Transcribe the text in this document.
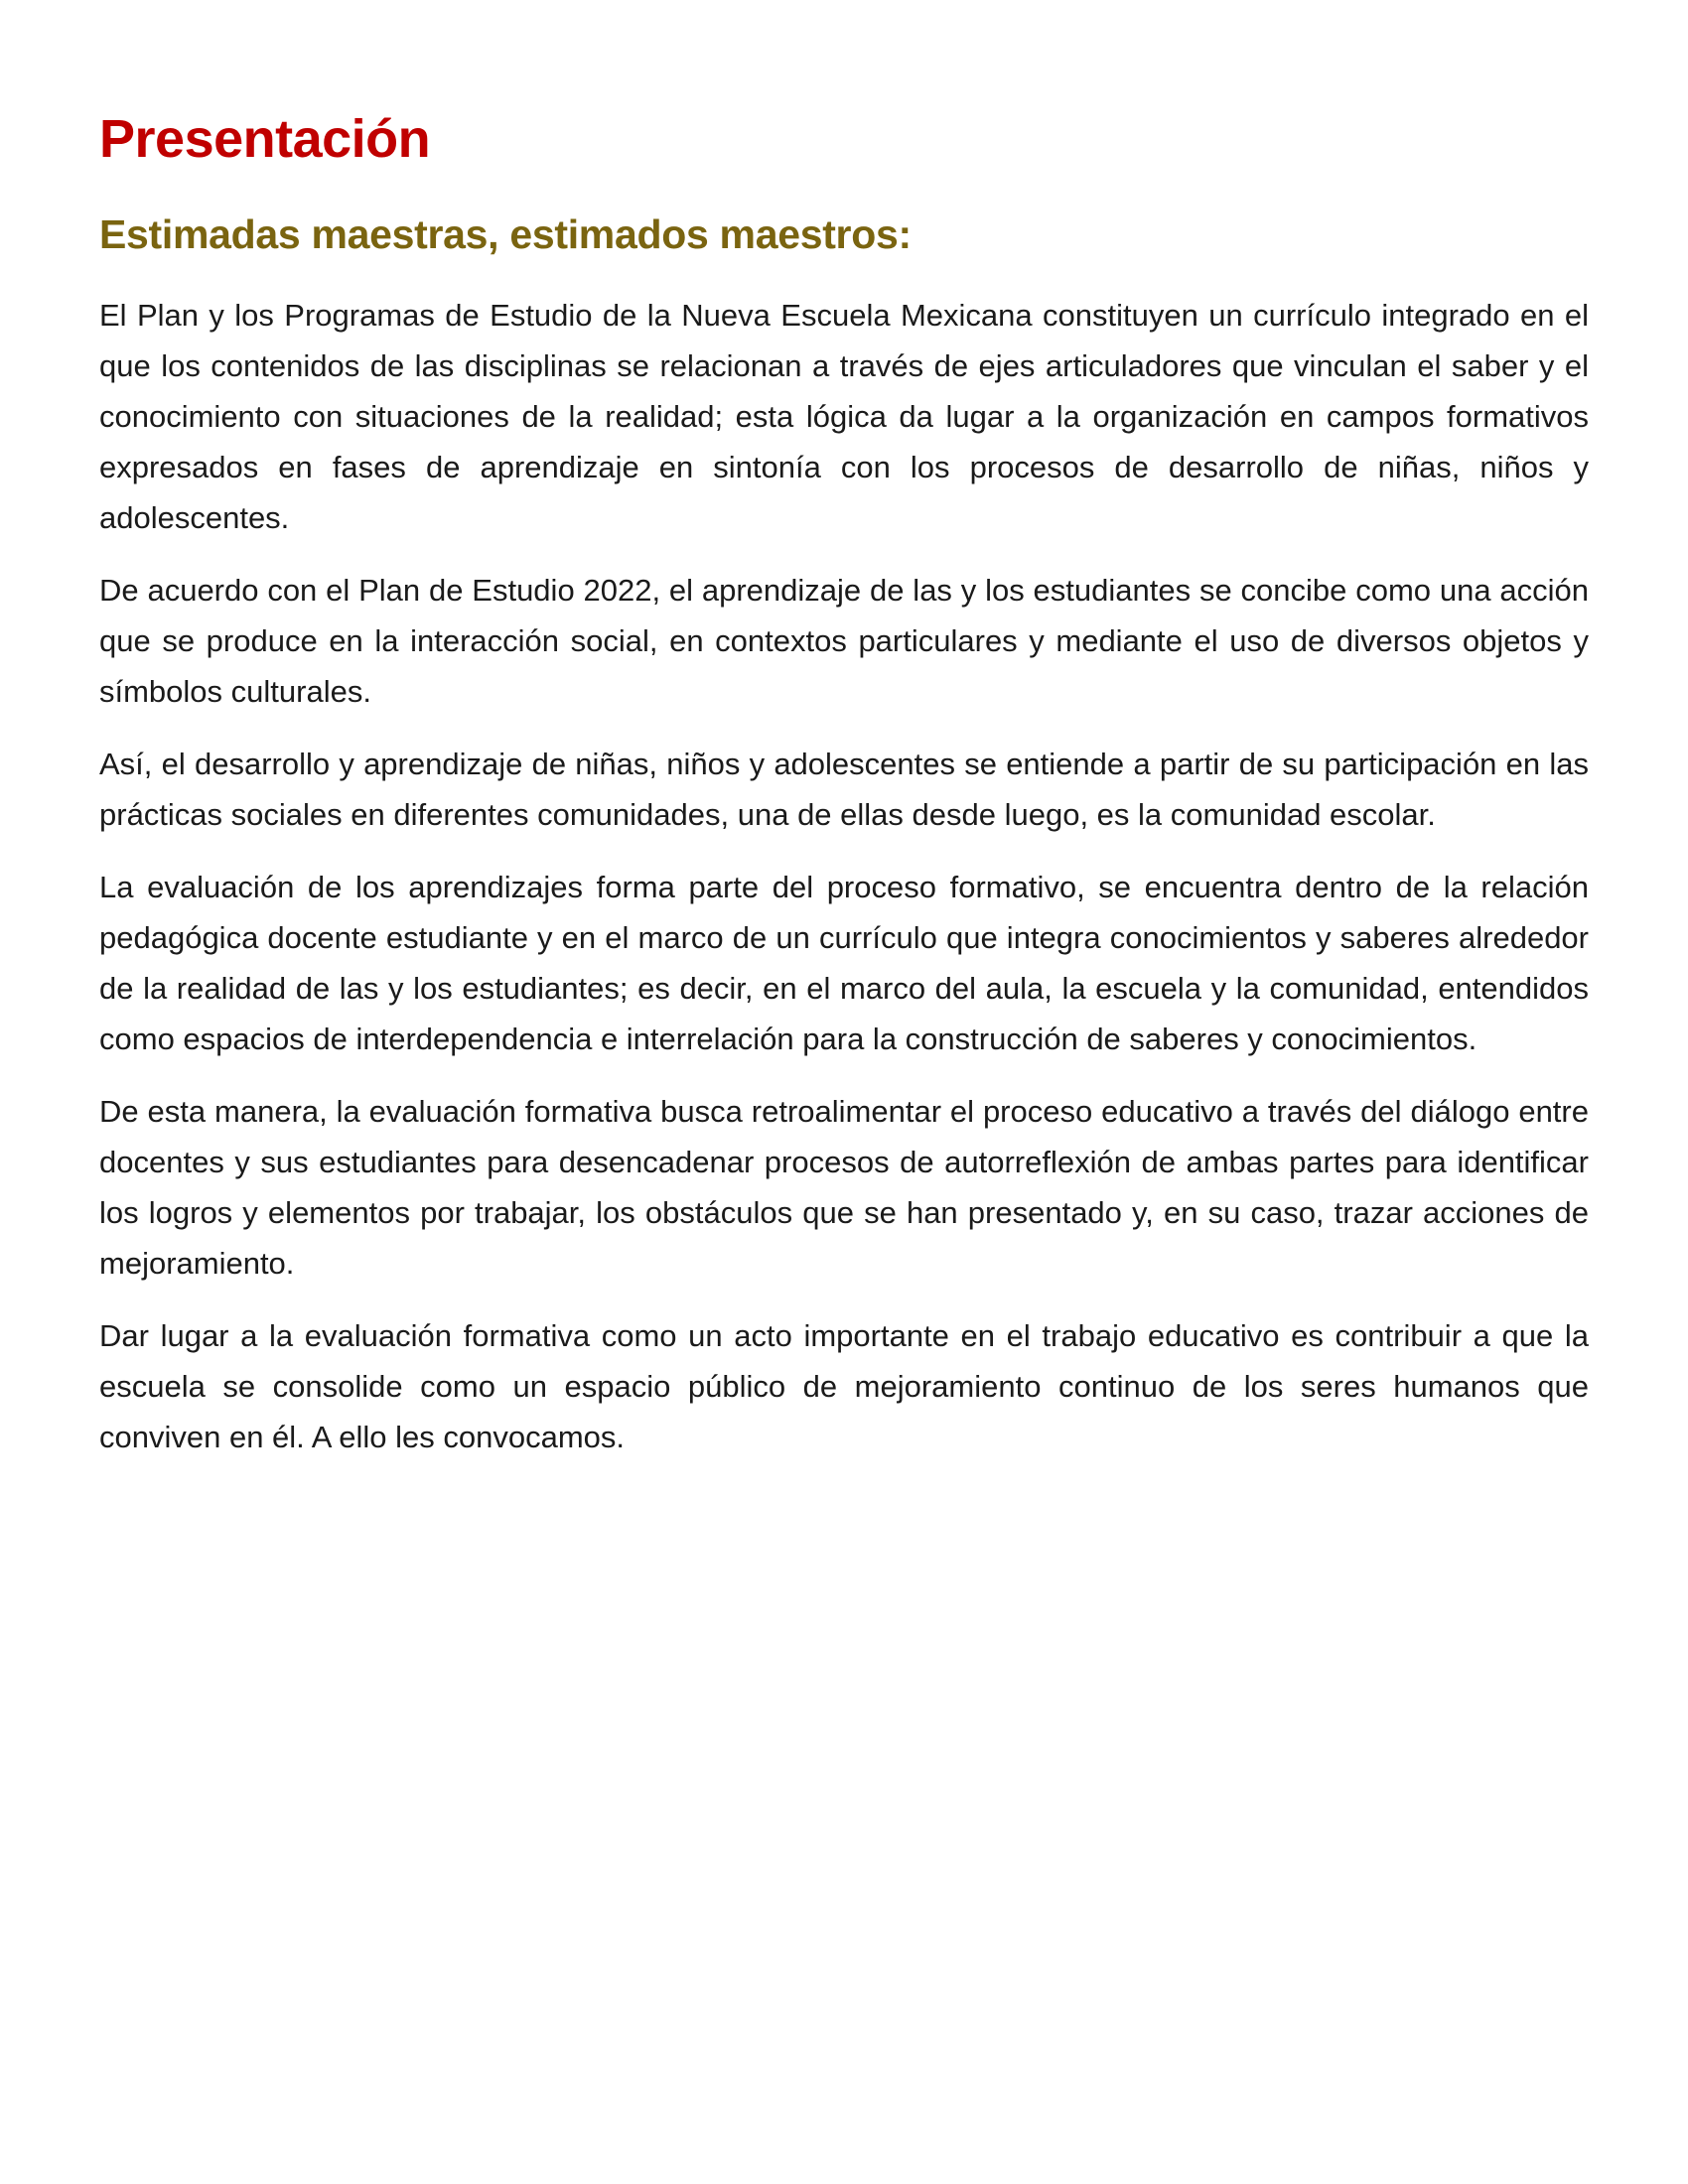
Presentación
Estimadas maestras, estimados maestros:

El Plan y los Programas de Estudio de la Nueva Escuela Mexicana constituyen un currículo integrado en el que los contenidos de las disciplinas se relacionan a través de ejes articuladores que vinculan el saber y el conocimiento con situaciones de la realidad; esta lógica da lugar a la organización en campos formativos expresados en fases de aprendizaje en sintonía con los procesos de desarrollo de niñas, niños y adolescentes.

De acuerdo con el Plan de Estudio 2022, el aprendizaje de las y los estudiantes se concibe como una acción que se produce en la interacción social, en contextos particulares y mediante el uso de diversos objetos y símbolos culturales.

Así, el desarrollo y aprendizaje de niñas, niños y adolescentes se entiende a partir de su participación en las prácticas sociales en diferentes comunidades, una de ellas desde luego, es la comunidad escolar.

La evaluación de los aprendizajes forma parte del proceso formativo, se encuentra dentro de la relación pedagógica docente estudiante y en el marco de un currículo que integra conocimientos y saberes alrededor de la realidad de las y los estudiantes; es decir, en el marco del aula, la escuela y la comunidad, entendidos como espacios de interdependencia e interrelación para la construcción de saberes y conocimientos.

De esta manera, la evaluación formativa busca retroalimentar el proceso educativo a través del diálogo entre docentes y sus estudiantes para desencadenar procesos de autorreflexión de ambas partes para identificar los logros y elementos por trabajar, los obstáculos que se han presentado y, en su caso, trazar acciones de mejoramiento.

Dar lugar a la evaluación formativa como un acto importante en el trabajo educativo es contribuir a que la escuela se consolide como un espacio público de mejoramiento continuo de los seres humanos que conviven en él. A ello les convocamos.
